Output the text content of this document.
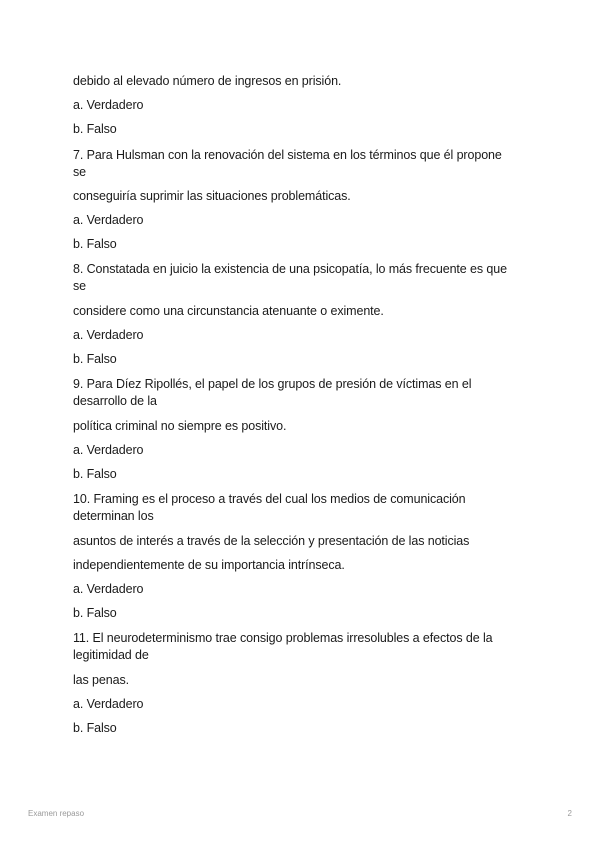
debido al elevado número de ingresos en prisión.
a. Verdadero
b. Falso
7. Para Hulsman con la renovación del sistema en los términos que él propone
se
conseguiría suprimir las situaciones problemáticas.
a. Verdadero
b. Falso
8. Constatada en juicio la existencia de una psicopatía, lo más frecuente es que
se
considere como una circunstancia atenuante o eximente.
a. Verdadero
b. Falso
9. Para Díez Ripollés, el papel de los grupos de presión de víctimas en el
desarrollo de la
política criminal no siempre es positivo.
a. Verdadero
b. Falso
10. Framing es el proceso a través del cual los medios de comunicación
determinan los
asuntos de interés a través de la selección y presentación de las noticias
independientemente de su importancia intrínseca.
a. Verdadero
b. Falso
11. El neurodeterminismo trae consigo problemas irresolubles a efectos de la
legitimidad de
las penas.
a. Verdadero
b. Falso
Examen repaso	2
